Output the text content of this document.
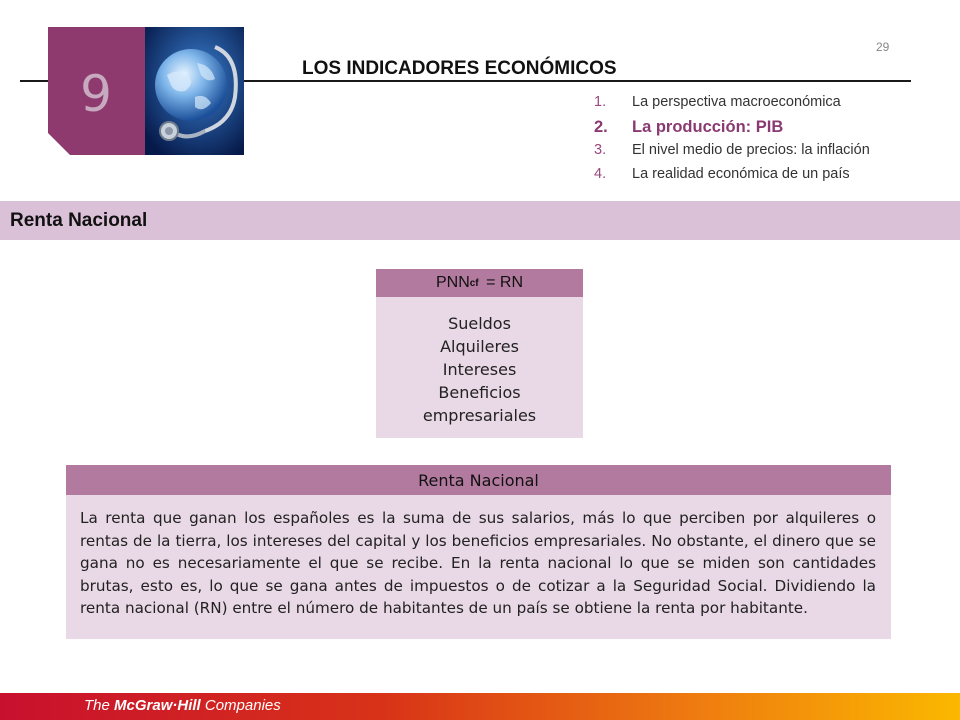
9	LOS INDICADORES ECONÓMICOS
29
1.	La perspectiva macroeconómica
2.	La producción: PIB
3.	El nivel medio de precios: la inflación
4.	La realidad económica de un país
Renta Nacional
PNN cf
= RN
Sueldos
Alquileres
Intereses
Beneficios
empresariales
Renta Nacional
La renta que ganan los españoles es la suma de sus salarios, más lo que perciben por alquileres o rentas de la tierra, los intereses del capital y los beneficios empresariales. No obstante, el dinero que se gana no es necesariamente el que se recibe. En la renta nacional lo que se miden son cantidades brutas, esto es, lo que se gana antes de impuestos o de cotizar a la Seguridad Social. Dividiendo la renta nacional (RN) entre el número de habitantes de un país se obtiene la renta por habitante.
The McGraw·Hill Companies
